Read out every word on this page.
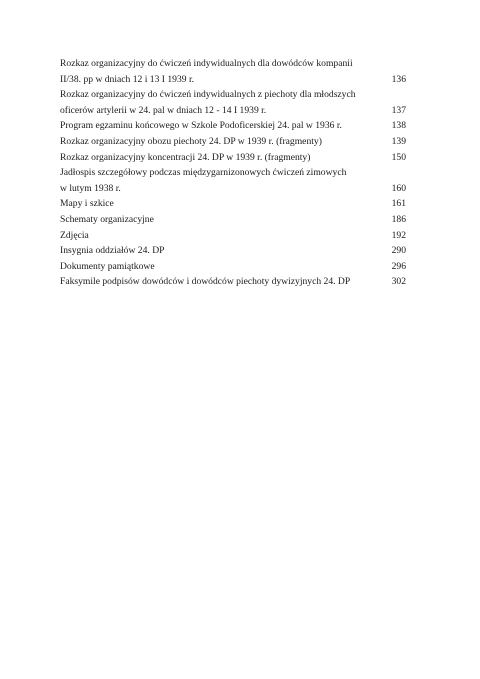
Rozkaz organizacyjny do ćwiczeń indywidualnych dla dowódców kompanii
II/38. pp w dniach 12 i 13 I 1939 r.	136
Rozkaz organizacyjny do ćwiczeń indywidualnych z piechoty dla młodszych
oficerów artylerii w 24. pal w dniach 12 - 14 I 1939 r.	137
Program egzaminu końcowego w Szkole Podoficerskiej 24. pal w 1936 r.	138
Rozkaz organizacyjny obozu piechoty 24. DP w 1939 r. (fragmenty)	139
Rozkaz organizacyjny koncentracji 24. DP w 1939 r. (fragmenty)	150
Jadłospis szczegółowy podczas międzygarnizonowych ćwiczeń zimowych
w lutym 1938 r.	160
Mapy i szkice	161
Schematy organizacyjne	186
Zdjęcia	192
Insygnia oddziałów 24. DP	290
Dokumenty pamiątkowe	296
Faksymile podpisów dowódców i dowódców piechoty dywizyjnych 24. DP	302
